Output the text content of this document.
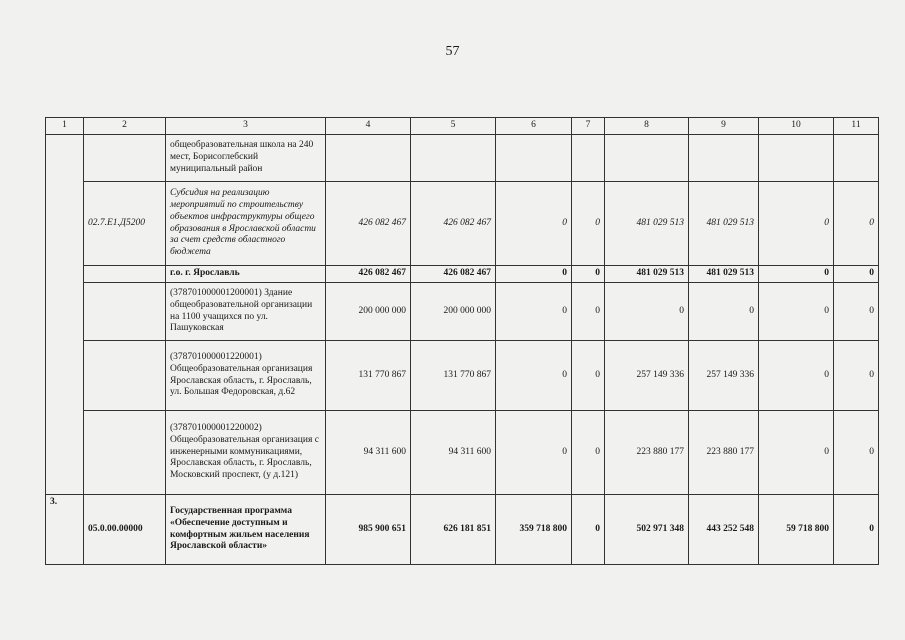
57
1	2	3	4	5	6	7	8	9	10	11
		общеобразовательная школа на 240 мест, Борисоглебский муниципальный район								
	02.7.Е1.Д5200	Субсидия на реализацию мероприятий по строительству объектов инфраструктуры общего образования в Ярославской области за счет средств областного бюджета	426 082 467	426 082 467	0	0	481 029 513	481 029 513	0	0
		г.о. г. Ярославль	426 082 467	426 082 467	0	0	481 029 513	481 029 513	0	0
		(378701000001200001) Здание общеобразовательной организации на 1100 учащихся по ул. Пашуковская	200 000 000	200 000 000	0	0	0	0	0	0
		(378701000001220001) Общеобразовательная организация Ярославская область, г. Ярославль, ул. Большая Федоровская, д.62	131 770 867	131 770 867	0	0	257 149 336	257 149 336	0	0
		(378701000001220002) Общеобразовательная организация с инженерными коммуникациями, Ярославская область, г. Ярославль, Московский проспект, (у д.121)	94 311 600	94 311 600	0	0	223 880 177	223 880 177	0	0
3.	05.0.00.00000	Государственная программа «Обеспечение доступным и комфортным жильем населения Ярославской области»	985 900 651	626 181 851	359 718 800	0	502 971 348	443 252 548	59 718 800	0
